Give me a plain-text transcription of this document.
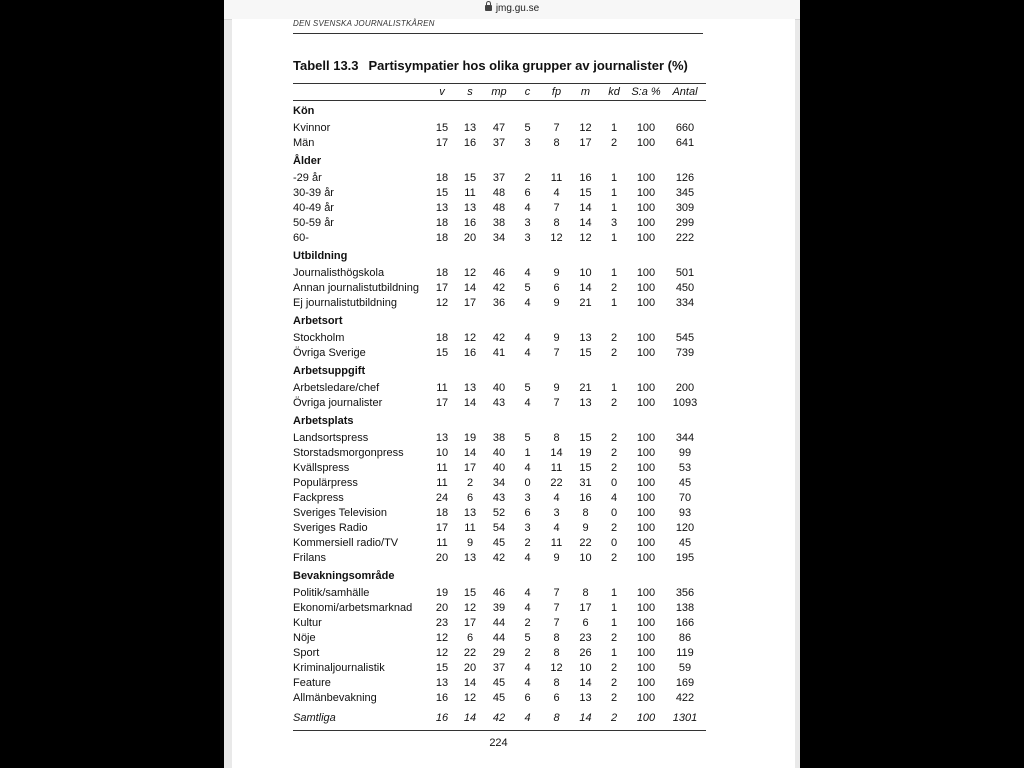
jmg.gu.se
DEN SVENSKA JOURNALISTKÅREN
Tabell 13.3 Partisympatier hos olika grupper av journalister (%)
	v	s	mp	c	fp	m	kd	S:a %	Antal
Kön									
Kvinnor	15	13	47	5	7	12	1	100	660
Män	17	16	37	3	8	17	2	100	641
Ålder									
-29 år	18	15	37	2	11	16	1	100	126
30-39 år	15	11	48	6	4	15	1	100	345
40-49 år	13	13	48	4	7	14	1	100	309
50-59 år	18	16	38	3	8	14	3	100	299
60-	18	20	34	3	12	12	1	100	222
Utbildning									
Journalisthögskola	18	12	46	4	9	10	1	100	501
Annan journalistutbildning	17	14	42	5	6	14	2	100	450
Ej journalistutbildning	12	17	36	4	9	21	1	100	334
Arbetsort									
Stockholm	18	12	42	4	9	13	2	100	545
Övriga Sverige	15	16	41	4	7	15	2	100	739
Arbetsuppgift									
Arbetsledare/chef	11	13	40	5	9	21	1	100	200
Övriga journalister	17	14	43	4	7	13	2	100	1093
Arbetsplats									
Landsortspress	13	19	38	5	8	15	2	100	344
Storstadsmorgonpress	10	14	40	1	14	19	2	100	99
Kvällspress	11	17	40	4	11	15	2	100	53
Populärpress	11	2	34	0	22	31	0	100	45
Fackpress	24	6	43	3	4	16	4	100	70
Sveriges Television	18	13	52	6	3	8	0	100	93
Sveriges Radio	17	11	54	3	4	9	2	100	120
Kommersiell radio/TV	11	9	45	2	11	22	0	100	45
Frilans	20	13	42	4	9	10	2	100	195
Bevakningsområde									
Politik/samhälle	19	15	46	4	7	8	1	100	356
Ekonomi/arbetsmarknad	20	12	39	4	7	17	1	100	138
Kultur	23	17	44	2	7	6	1	100	166
Nöje	12	6	44	5	8	23	2	100	86
Sport	12	22	29	2	8	26	1	100	119
Kriminaljournalistik	15	20	37	4	12	10	2	100	59
Feature	13	14	45	4	8	14	2	100	169
Allmänbevakning	16	12	45	6	6	13	2	100	422
Samtliga	16	14	42	4	8	14	2	100	1301
224
